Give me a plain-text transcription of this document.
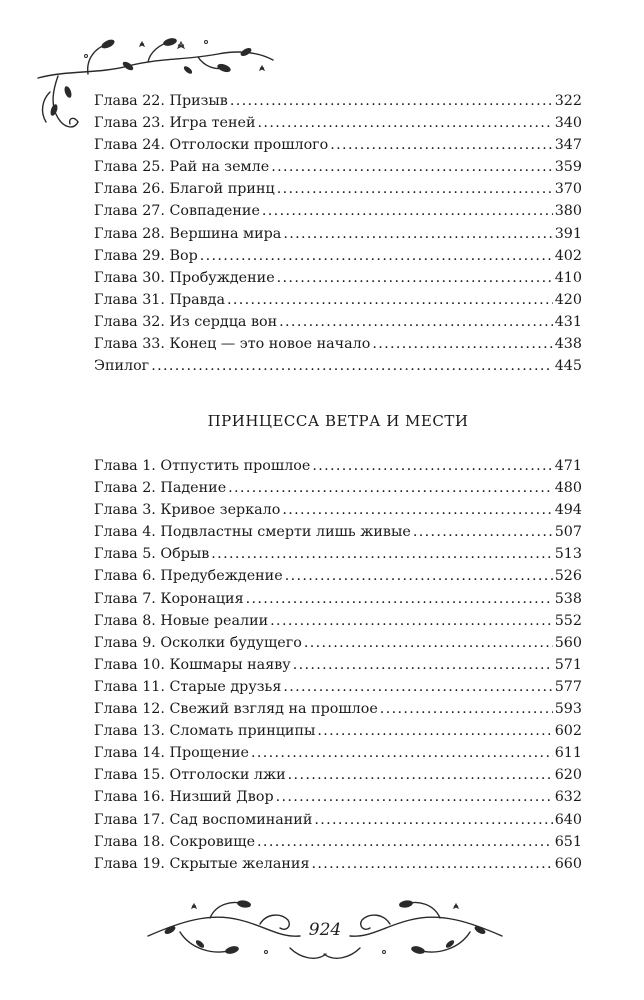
Глава 22. Призыв . . .	322
Глава 23. Игра теней . . .	340
Глава 24. Отголоски прошлого . . .	347
Глава 25. Рай на земле . . .	359
Глава 26. Благой принц . . .	370
Глава 27. Совпадение . . .	380
Глава 28. Вершина мира . . .	391
Глава 29. Вор . . .	402
Глава 30. Пробуждение . . .	410
Глава 31. Правда . . .	420
Глава 32. Из сердца вон . . .	431
Глава 33. Конец — это новое начало . . .	438
Эпилог . . .	445
ПРИНЦЕССА ВЕТРА И МЕСТИ
Глава 1. Отпустить прошлое . . .	471
Глава 2. Падение . . .	480
Глава 3. Кривое зеркало . . .	494
Глава 4. Подвластны смерти лишь живые . . .	507
Глава 5. Обрыв . . .	513
Глава 6. Предубеждение . . .	526
Глава 7. Коронация . . .	538
Глава 8. Новые реалии . . .	552
Глава 9. Осколки будущего . . .	560
Глава 10. Кошмары наяву . . .	571
Глава 11. Старые друзья . . .	577
Глава 12. Свежий взгляд на прошлое . . .	593
Глава 13. Сломать принципы . . .	602
Глава 14. Прощение . . .	611
Глава 15. Отголоски лжи . . .	620
Глава 16. Низший Двор . . .	632
Глава 17. Сад воспоминаний . . .	640
Глава 18. Сокровище . . .	651
Глава 19. Скрытые желания . . .	660
924
